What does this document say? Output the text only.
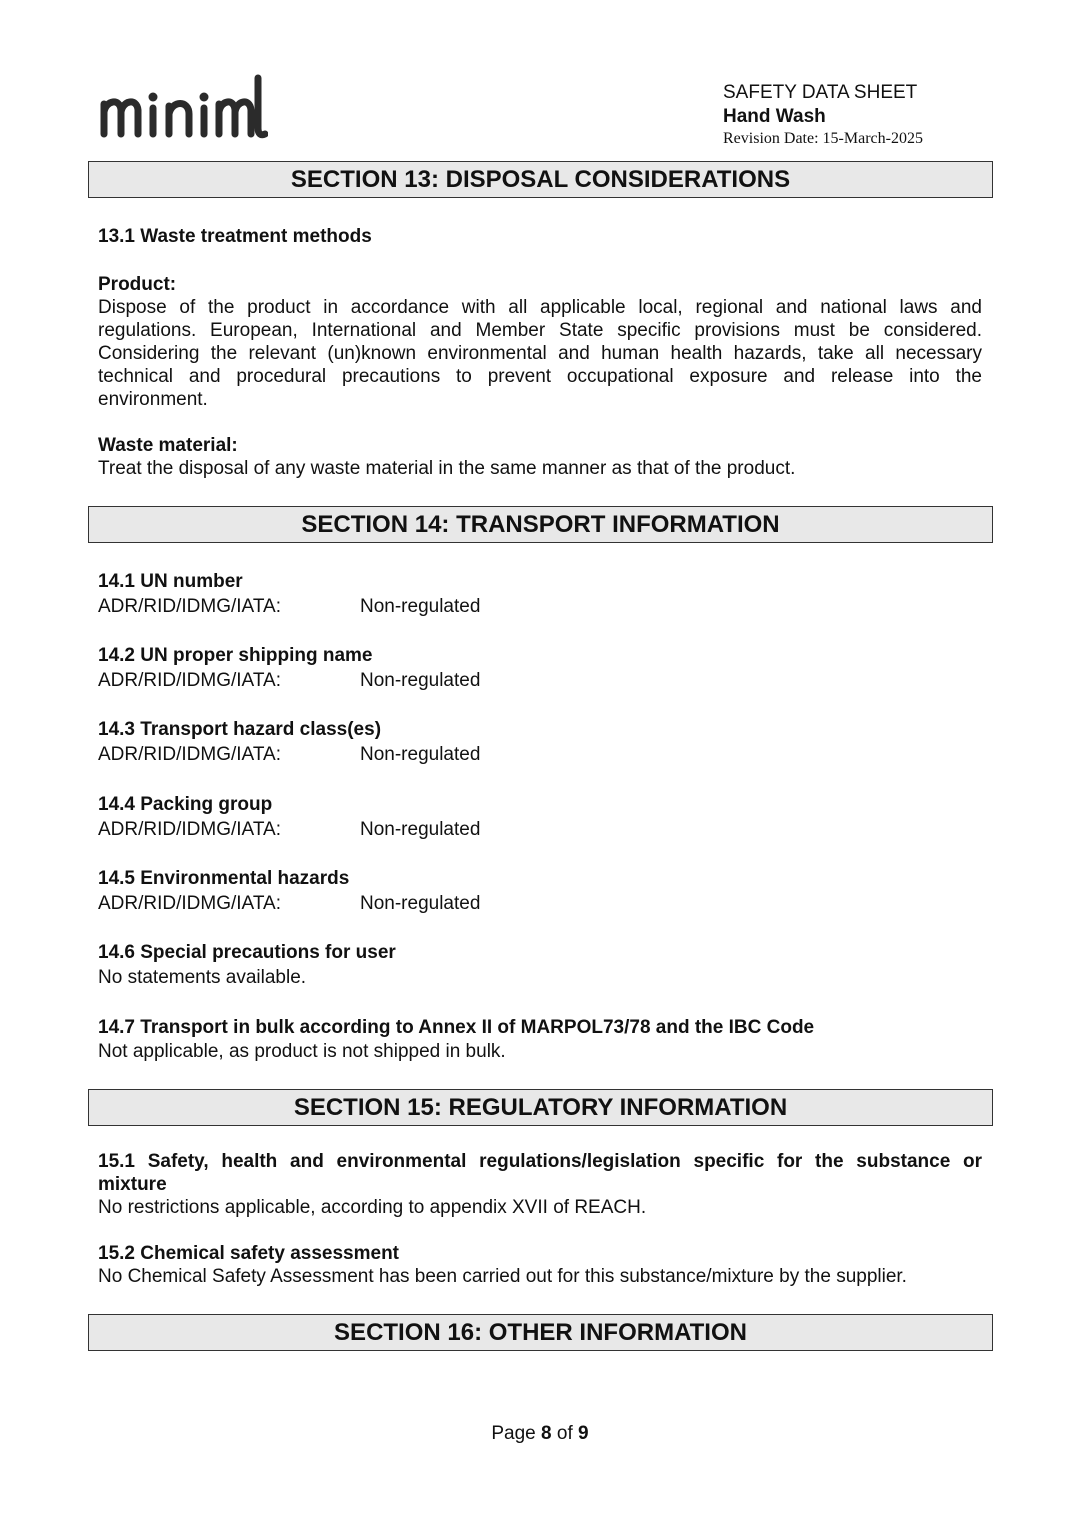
SAFETY DATA SHEET
Hand Wash
Revision Date: 15-March-2025
SECTION 13: DISPOSAL CONSIDERATIONS
13.1 Waste treatment methods
Product:
Dispose of the product in accordance with all applicable local, regional and national laws and
regulations. European, International and Member State specific provisions must be considered.
Considering the relevant (un)known environmental and human health hazards, take all necessary
technical and procedural precautions to prevent occupational exposure and release into the
environment.
Waste material:
Treat the disposal of any waste material in the same manner as that of the product.
SECTION 14: TRANSPORT INFORMATION
14.1 UN number
ADR/RID/IDMG/IATA:	Non-regulated
14.2 UN proper shipping name
ADR/RID/IDMG/IATA:	Non-regulated
14.3 Transport hazard class(es)
ADR/RID/IDMG/IATA:	Non-regulated
14.4 Packing group
ADR/RID/IDMG/IATA:	Non-regulated
14.5 Environmental hazards
ADR/RID/IDMG/IATA:	Non-regulated
14.6 Special precautions for user
No statements available.
14.7 Transport in bulk according to Annex II of MARPOL73/78 and the IBC Code
Not applicable, as product is not shipped in bulk.
SECTION 15: REGULATORY INFORMATION
15.1 Safety, health and environmental regulations/legislation specific for the substance or
mixture
No restrictions applicable, according to appendix XVII of REACH.
15.2 Chemical safety assessment
No Chemical Safety Assessment has been carried out for this substance/mixture by the supplier.
SECTION 16: OTHER INFORMATION
Page 8 of 9
